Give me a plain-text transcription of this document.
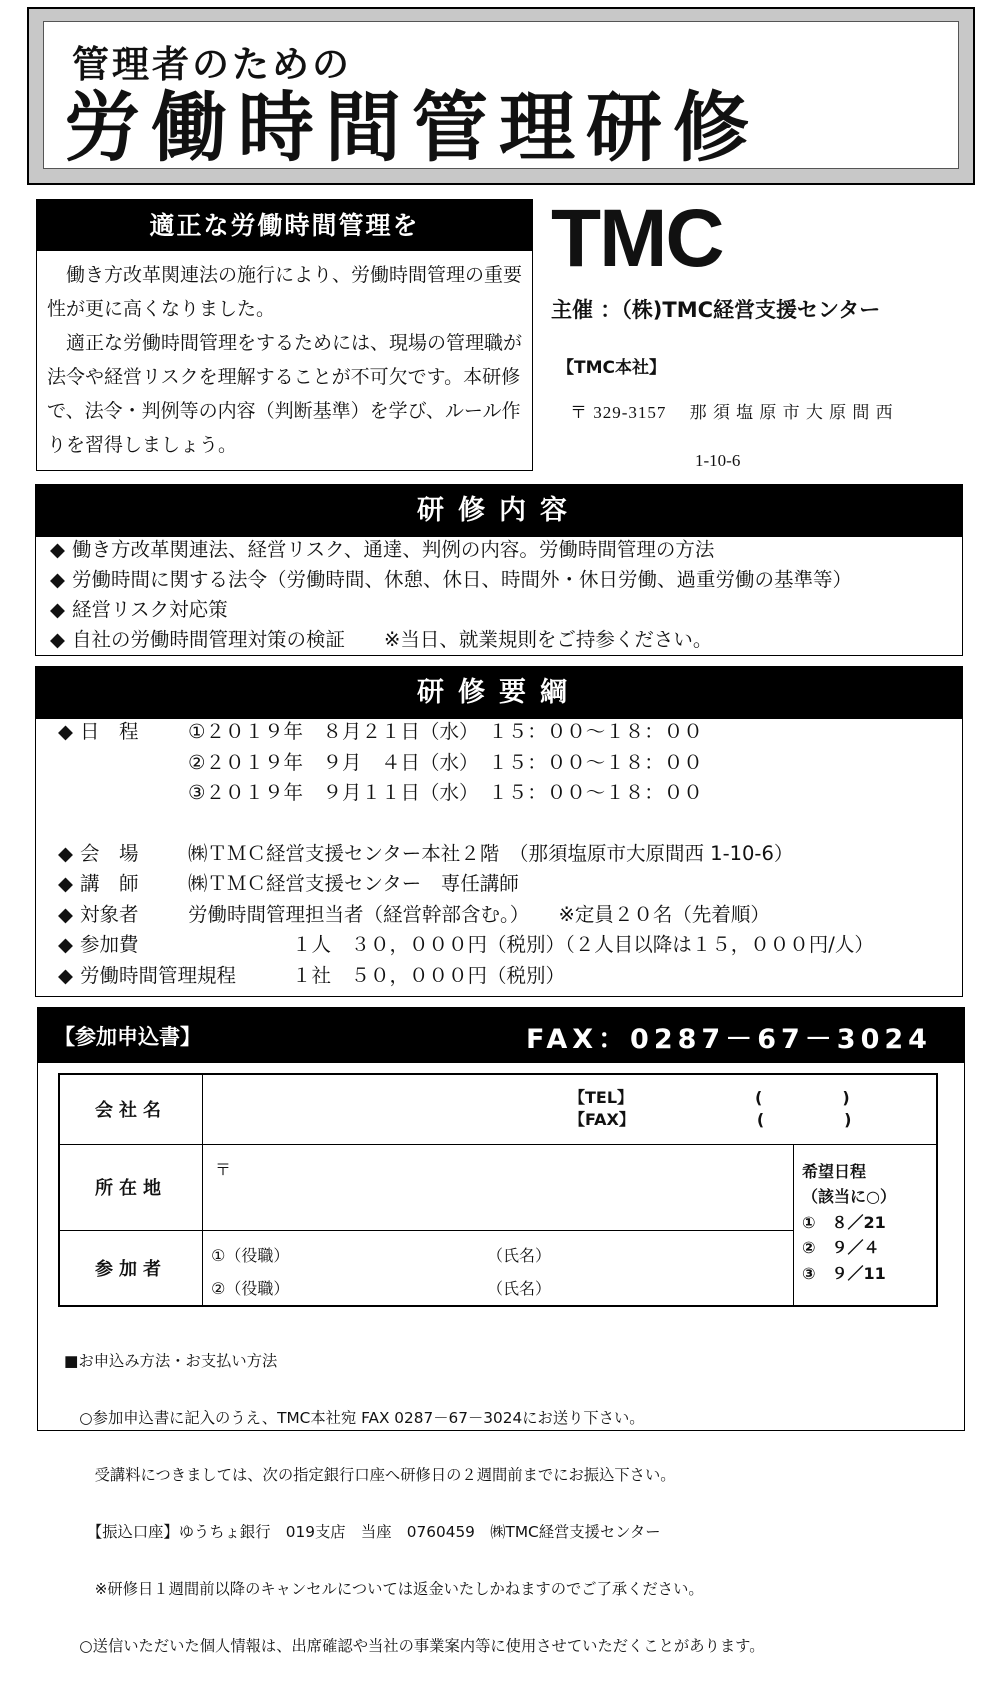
管理者のための
労働時間管理研修
適正な労働時間管理を

働き方改革関連法の施行により、労働時間管理の重要性が更に高くなりました。

適正な労働時間管理をするためには、現場の管理職が法令や経営リスクを理解することが不可欠です。本研修で、法令・判例等の内容（判断基準）を学び、ルール作りを習得しましょう。

TMC
主催 ：（株)TMC経営支援センター
【TMC本社】
〒 329-3157　 那 須 塩 原 市 大 原 間 西
1-10-6
研修内容
◆ 働き方改革関連法、経営リスク、通達、判例の内容。労働時間管理の方法
◆ 労働時間に関する法令（労働時間、休憩、休日、時間外・休日労働、過重労働の基準等）
◆ 経営リスク対応策
◆ 自社の労働時間管理対策の検証　　※当日、就業規則をご持参ください。
研修要綱
◆ 日　程	①２０１９年　８月２１日（水）　１５：００～１８：００
②２０１９年　９月　４日（水）　１５：００～１８：００
③２０１９年　９月１１日（水）　１５：００～１８：００
◆ 会　場	㈱ＴＭＣ経営支援センター本社２階　（那須塩原市大原間西 1-10-6）
◆ 講　師	㈱ＴＭＣ経営支援センター　専任講師
◆ 対象者	労働時間管理担当者（経営幹部含む。）　　※定員２０名（先着順）
◆ 参加費	１人　３０，０００円（税別）（２人目以降は１５，０００円/人）
◆ 労働時間管理規程	１社　５０，０００円（税別）
【参加申込書】	FAX：0287－67－3024
会社名	【TEL】 (　　　　　)
【FAX】 (　　　　　)	

所在地	〒	希望日程
（該当に○）
①　８／21
②　９／４
③　９／11

参加者	①（役職） （氏名）
②（役職） （氏名）	

■お申込み方法・お支払い方法

　○参加申込書に記入のうえ、TMC本社宛 FAX 0287－67－3024にお送り下さい。

　　受講料につきましては、次の指定銀行口座へ研修日の２週間前までにお振込下さい。

　　【振込口座】ゆうちょ銀行　019支店　当座　0760459　㈱TMC経営支援センター

　　※研修日１週間前以降のキャンセルについては返金いたしかねますのでご了承ください。

　○送信いただいた個人情報は、出席確認や当社の事業案内等に使用させていただくことがあります。
